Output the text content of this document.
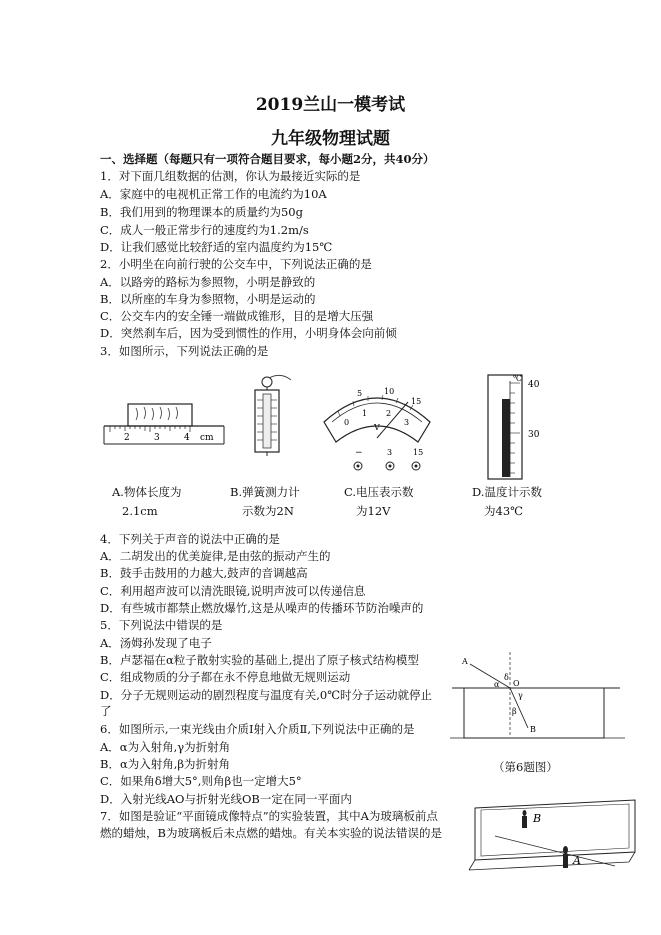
2019兰山一模考试
九年级物理试题
一、选择题（每题只有一项符合题目要求，每小题2分，共40分）
1．对下面几组数据的估测，你认为最接近实际的是
A．家庭中的电视机正常工作的电流约为10A
B．我们用到的物理课本的质量约为50g
C．成人一般正常步行的速度约为1.2m/s
D．让我们感觉比较舒适的室内温度约为15℃
2．小明坐在向前行驶的公交车中，下列说法正确的是
A．以路旁的路标为参照物，小明是静致的
B．以所座的车身为参照物，小明是运动的
C．公交车内的安全锤一端做成锥形，目的是增大压强
D．突然刹车后，因为受到惯性的作用，小明身体会向前倾
3．如图所示，下列说法正确的是
2	3	4 cm
5	10
15
0
1 2
3
V
−	3	15
℃
40
30
A.物体长度为
2.1cm
B.弹簧测力计
示数为2N
C.电压表示数
为12V
D.温度计示数
为43℃
4．下列关于声音的说法中正确的是
A．二胡发出的优美旋律,是由弦的振动产生的
B．鼓手击鼓用的力越大,鼓声的音调越高
C．利用超声波可以清洗眼镜,说明声波可以传递信息
D．有些城市都禁止燃放爆竹,这是从噪声的传播环节防治噪声的
5．下列说法中错误的是
A．汤姆孙发现了电子
B．卢瑟福在α粒子散射实验的基础上,提出了原子核式结构模型
C．组成物质的分子都在永不停息地做无规则运动
D．分子无规则运动的剧烈程度与温度有关,0℃时分子运动就停止
了
6．如图所示,一束光线由介质Ⅰ射入介质Ⅱ,下列说法中正确的是
A．α为入射角,γ为折射角
B．α为入射角,β为折射角
C．如果角δ增大5°,则角β也一定增大5°
D．入射光线AO与折射光线OB一定在同一平面内
7．如图是验证“平面镜成像特点”的实验装置，其中A为玻璃板前点
燃的蜡烛，B为玻璃板后未点燃的蜡烛。有关本实验的说法错误的是
A
α
δ
O
γ
β
B
（第6题图）
B
A
